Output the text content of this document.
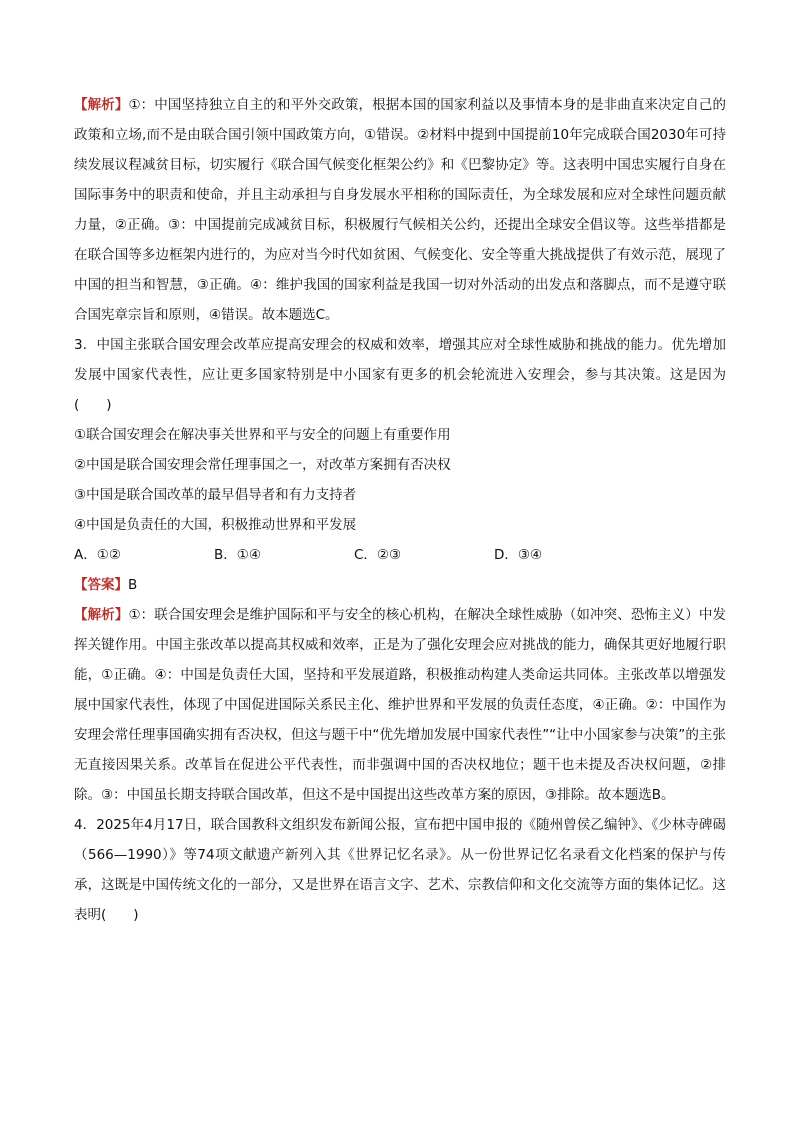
【解析】①：中国坚持独立自主的和平外交政策，根据本国的国家利益以及事情本身的是非曲直来决定自己的政策和立场,而不是由联合国引领中国政策方向，①错误。②材料中提到中国提前10年完成联合国2030年可持续发展议程减贫目标，切实履行《联合国气候变化框架公约》和《巴黎协定》等。这表明中国忠实履行自身在国际事务中的职责和使命，并且主动承担与自身发展水平相称的国际责任，为全球发展和应对全球性问题贡献力量，②正确。③：中国提前完成减贫目标，积极履行气候相关公约，还提出全球安全倡议等。这些举措都是在联合国等多边框架内进行的，为应对当今时代如贫困、气候变化、安全等重大挑战提供了有效示范，展现了中国的担当和智慧，③正确。④：维护我国的国家利益是我国一切对外活动的出发点和落脚点，而不是遵守联合国宪章宗旨和原则，④错误。故本题选C。

3．中国主张联合国安理会改革应提高安理会的权威和效率，增强其应对全球性威胁和挑战的能力。优先增加发展中国家代表性，应让更多国家特别是中小国家有更多的机会轮流进入安理会，参与其决策。这是因为(　　)

①联合国安理会在解决事关世界和平与安全的问题上有重要作用

②中国是联合国安理会常任理事国之一，对改革方案拥有否决权

③中国是联合国改革的最早倡导者和有力支持者

④中国是负责任的大国，积极推动世界和平发展

A．①②	B．①④	C．②③	D．③④

【答案】B

【解析】①：联合国安理会是维护国际和平与安全的核心机构，在解决全球性威胁（如冲突、恐怖主义）中发挥关键作用。中国主张改革以提高其权威和效率，正是为了强化安理会应对挑战的能力，确保其更好地履行职能，①正确。④：中国是负责任大国，坚持和平发展道路，积极推动构建人类命运共同体。主张改革以增强发展中国家代表性，体现了中国促进国际关系民主化、维护世界和平发展的负责任态度，④正确。②：中国作为安理会常任理事国确实拥有否决权，但这与题干中“优先增加发展中国家代表性”“让中小国家参与决策”的主张无直接因果关系。改革旨在促进公平代表性，而非强调中国的否决权地位；题干也未提及否决权问题，②排除。③：中国虽长期支持联合国改革，但这不是中国提出这些改革方案的原因，③排除。故本题选B。

4．2025年4月17日，联合国教科文组织发布新闻公报，宣布把中国申报的《随州曾侯乙编钟》、《少林寺碑碣（566—1990）》等74项文献遗产新列入其《世界记忆名录》。从一份世界记忆名录看文化档案的保护与传承，这既是中国传统文化的一部分，又是世界在语言文字、艺术、宗教信仰和文化交流等方面的集体记忆。这表明(　　)
